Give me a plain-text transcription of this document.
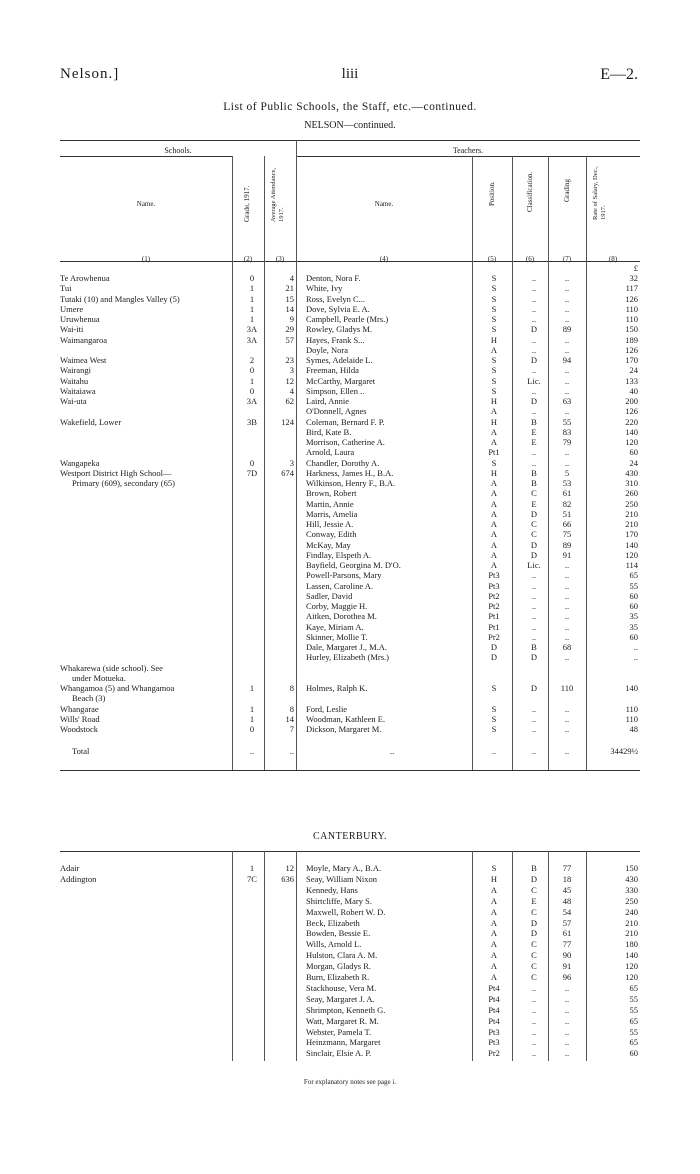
Nelson.]	liii	E—2.
List of Public Schools, the Staff, etc.—continued.
NELSON—continued.
Schools.	Teachers.
Name.	Name.
Grade, 1917.	Average Attendance, 1917.
Position.	Classification.	Grading	Rate of Salary, Dec., 1917.
(1)	(2)	(3)	(4)	(5)	(6)	(7)	(8)
£
Te Arowhenua	0	4 Denton, Nora F.	S	..	..	32
Tui	1	21 White, Ivy	S	..	..	117
Tutaki (10) and Mangles Valley (5)	1	15 Ross, Evelyn C...	S	..	..	126
Umere	1	14 Dove, Sylvia E. A.	S	..	..	110
Uruwhenua	1	9 Campbell, Pearle (Mrs.)	S	..	..	110
Wai-iti	3A	29 Rowley, Gladys M.	S	D	89	150
Waimangaroa	3A	57 Hayes, Frank S...	H	..	..	189
Doyle, Nora	A	..	..	126
Waimea West	2	23 Symes, Adelaide L.	S	D	94	170
Wairangi	0	3 Freeman, Hilda	S	..	..	24
Waitahu	1	12 McCarthy, Margaret	S	Lic.	..	133
Waitaiawa	0	4 Simpson, Ellen ..	S	..	..	40
Wai-uta	3A	62 Laird, Annie	H	D	63	200
O'Donnell, Agnes	A	..	..	126
Wakefield, Lower	3B	124 Coleman, Bernard F. P.	H	B	55	220
Bird, Kate B.	A	E	83	140
Morrison, Catherine A.	A	E	79	120
Arnold, Laura	Pt1	..	..	60
Wangapeka	0	3 Chandler, Dorothy A.	S	..	..	24
Westport District High School—	7D	674 Harkness, James H., B.A.	H	B	5	430
Primary (609), secondary (65)	Wilkinson, Henry F., B.A.	A	B	53	310
Brown, Robert	A	C	61	260
Martin, Annie	A	E	82	250
Marris, Amelia	A	D	51	210
Hill, Jessie A.	A	C	66	210
Conway, Edith	A	C	75	170
McKay, May	A	D	89	140
Findlay, Elspeth A.	A	D	91	120
Bayfield, Georgina M. D'O.	A	Lic.	..	114
Powell-Parsons, Mary	Pt3	..	..	65
Lassen, Caroline A.	Pt3	..	..	55
Sadler, David	Pt2	..	..	60
Corby, Maggie H.	Pt2	..	..	60
Aitken, Dorothea M.	Pt1	..	..	35
Kaye, Miriam A.	Pt1	..	..	35
Skinner, Mollie T.	Pr2	..	..	60
Dale, Margaret J., M.A.	D	B	68	..
Hurley, Elizabeth (Mrs.)	D	D	..	..
Whakarewa (side school). See
under Motueka.
Whangamoa (5) and Whangamoa	1	8 Holmes, Ralph K.	S	D	110	140
Beach (3)
Whangarae	1	8 Ford, Leslie	S	..	..	110
Wills' Road	1	14 Woodman, Kathleen E.	S	..	..	110
Woodstock	0	7 Dickson, Margaret M.	S	..	..	48
Total	..	..	..	..	..	..	34429½
CANTERBURY.
Adair	1	12 Moyle, Mary A., B.A.	S	B	77	150
Addington	7C	636 Seay, William Nixon	H	D	18	430
Kennedy, Hans	A	C	45	330
Shirtcliffe, Mary S.	A	E	48	250
Maxwell, Robert W. D.	A	C	54	240
Beck, Elizabeth	A	D	57	210
Bowden, Bessie E.	A	D	61	210
Wills, Arnold L.	A	C	77	180
Hulston, Clara A. M.	A	C	90	140
Morgan, Gladys R.	A	C	91	120
Burn, Elizabeth R.	A	C	96	120
Stackhouse, Vera M.	Pt4	..	..	65
Seay, Margaret J. A.	Pt4	..	..	55
Shrimpton, Kenneth G.	Pt4	..	..	55
Watt, Margaret R. M.	Pt4	..	..	65
Webster, Pamela T.	Pt3	..	..	55
Heinzmann, Margaret	Pt3	..	..	65
Sinclair, Elsie A. P.	Pr2	..	..	60
For explanatory notes see page i.
